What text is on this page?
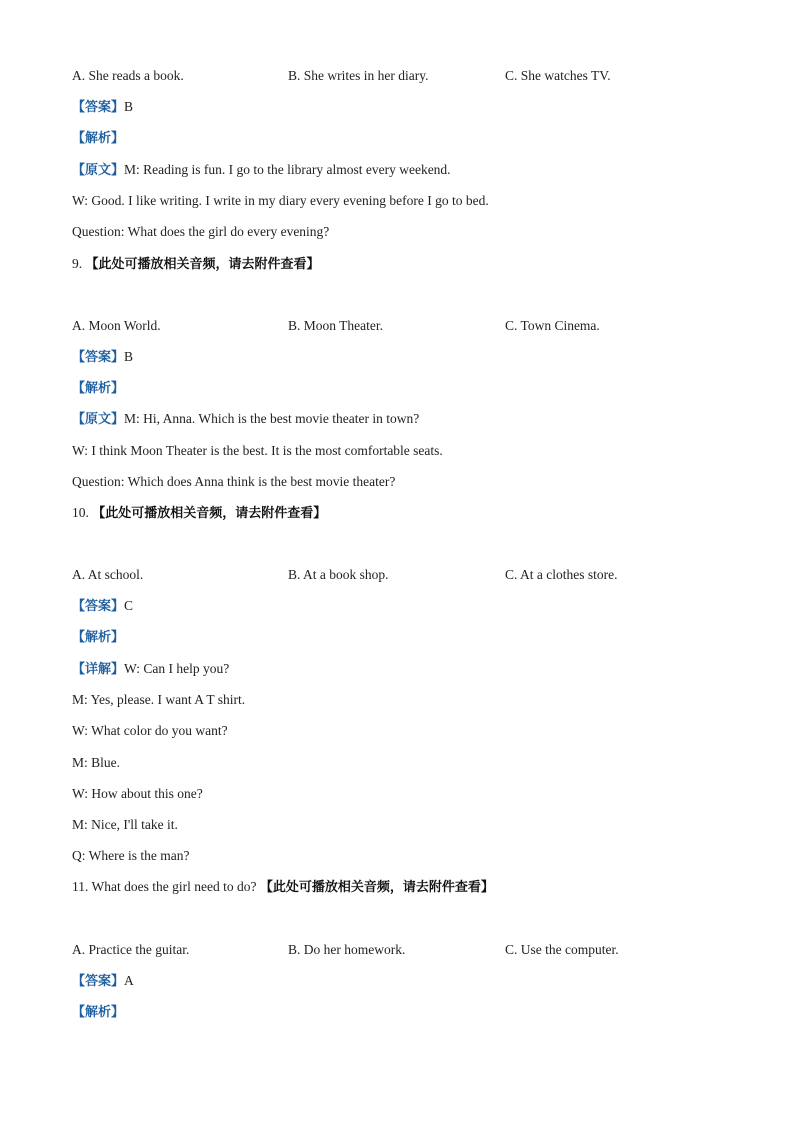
A. She reads a book.	B. She writes in her diary.	C. She watches TV.
【答案】B
【解析】
【原文】M: Reading is fun. I go to the library almost every weekend.
W: Good. I like writing. I write in my diary every evening before I go to bed.
Question: What does the girl do every evening?
9. 【此处可播放相关音频，请去附件查看】
A. Moon World.	B. Moon Theater.	C. Town Cinema.
【答案】B
【解析】
【原文】M: Hi, Anna. Which is the best movie theater in town?
W: I think Moon Theater is the best. It is the most comfortable seats.
Question: Which does Anna think is the best movie theater?
10. 【此处可播放相关音频，请去附件查看】
A. At school.	B. At a book shop.	C. At a clothes store.
【答案】C
【解析】
【详解】W: Can I help you?
M: Yes, please. I want A T shirt.
W: What color do you want?
M: Blue.
W: How about this one?
M: Nice, I'll take it.
Q: Where is the man?
11. What does the girl need to do? 【此处可播放相关音频，请去附件查看】
A. Practice the guitar.	B. Do her homework.	C. Use the computer.
【答案】A
【解析】
